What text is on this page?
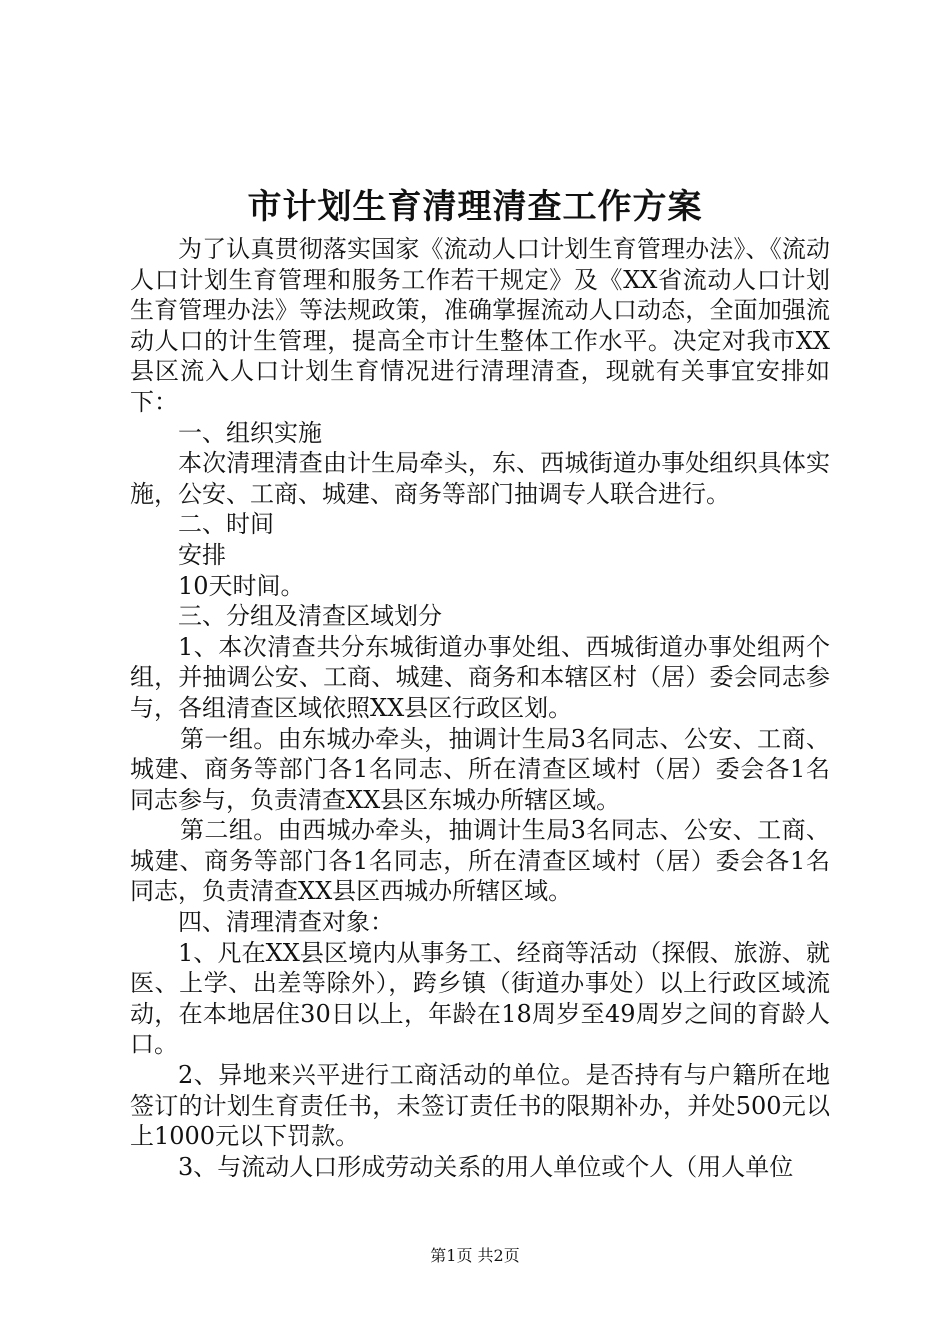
市计划生育清理清查工作方案

为了认真贯彻落实国家《流动人口计划生育管理办法》、《流动人口计划生育管理和服务工作若干规定》及《XX省流动人口计划生育管理办法》等法规政策，准确掌握流动人口动态，全面加强流动人口的计生管理，提高全市计生整体工作水平。决定对我市XX县区流入人口计划生育情况进行清理清查，现就有关事宜安排如下：

一、组织实施

本次清理清查由计生局牵头，东、西城街道办事处组织具体实施，公安、工商、城建、商务等部门抽调专人联合进行。

二、时间

安排

10天时间。

三、分组及清查区域划分

1、本次清查共分东城街道办事处组、西城街道办事处组两个组，并抽调公安、工商、城建、商务和本辖区村（居）委会同志参与，各组清查区域依照XX县区行政区划。

第一组。由东城办牵头，抽调计生局3名同志、公安、工商、城建、商务等部门各1名同志、所在清查区域村（居）委会各1名同志参与，负责清查XX县区东城办所辖区域。

第二组。由西城办牵头，抽调计生局3名同志、公安、工商、城建、商务等部门各1名同志，所在清查区域村（居）委会各1名同志，负责清查XX县区西城办所辖区域。

四、清理清查对象：

1、凡在XX县区境内从事务工、经商等活动（探假、旅游、就医、上学、出差等除外），跨乡镇（街道办事处）以上行政区域流动，在本地居住30日以上，年龄在18周岁至49周岁之间的育龄人口。

2、异地来兴平进行工商活动的单位。是否持有与户籍所在地签订的计划生育责任书，未签订责任书的限期补办，并处500元以上1000元以下罚款。

3、与流动人口形成劳动关系的用人单位或个人（用人单位

第1页 共2页
